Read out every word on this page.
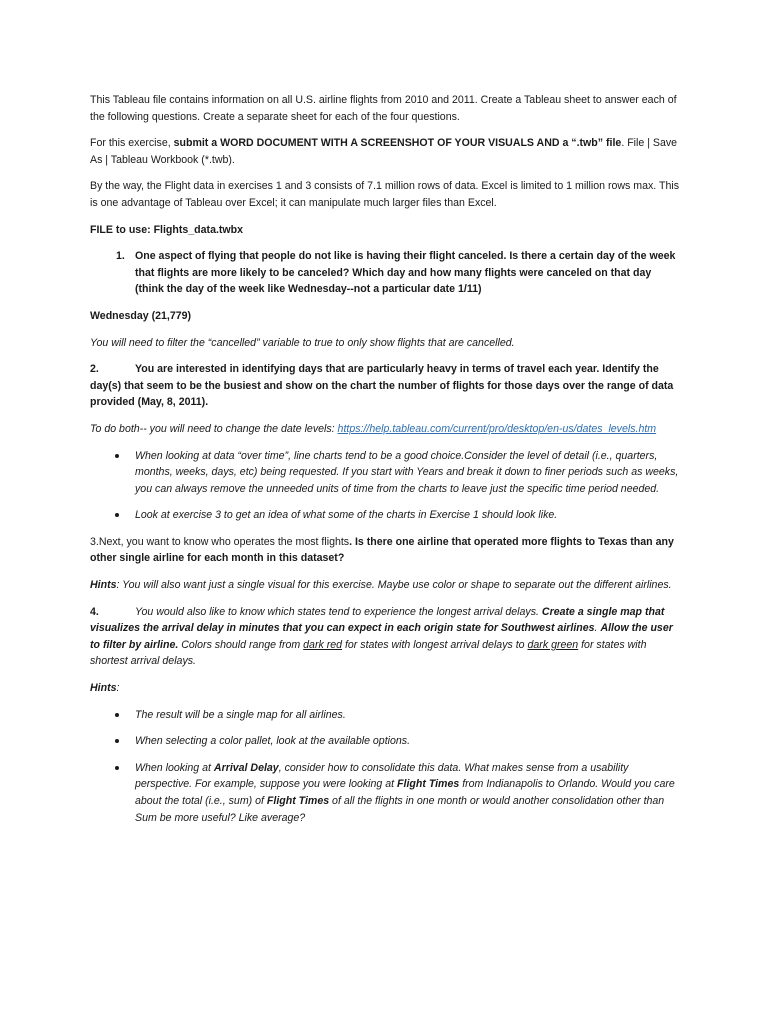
This Tableau file contains information on all U.S. airline flights from 2010 and 2011. Create a Tableau sheet to answer each of the following questions. Create a separate sheet for each of the four questions.

For this exercise, submit a WORD DOCUMENT WITH A SCREENSHOT OF YOUR VISUALS AND a “.twb” file. File | Save As | Tableau Workbook (*.twb).

By the way, the Flight data in exercises 1 and 3 consists of 7.1 million rows of data. Excel is limited to 1 million rows max. This is one advantage of Tableau over Excel; it can manipulate much larger files than Excel.

FILE to use: Flights_data.twbx

1. One aspect of flying that people do not like is having their flight canceled. Is there a certain day of the week that flights are more likely to be canceled? Which day and how many flights were canceled on that day (think the day of the week like Wednesday--not a particular date 1/11)

Wednesday (21,779)

You will need to filter the “cancelled” variable to true to only show flights that are cancelled.

2.	You are interested in identifying days that are particularly heavy in terms of travel each year. Identify the day(s) that seem to be the busiest and show on the chart the number of flights for those days over the range of data provided (May, 8, 2011).

To do both-- you will need to change the date levels: https://help.tableau.com/current/pro/desktop/en-us/dates_levels.htm

When looking at data “over time”, line charts tend to be a good choice.Consider the level of detail (i.e., quarters, months, weeks, days, etc) being requested. If you start with Years and break it down to finer periods such as weeks, you can always remove the unneeded units of time from the charts to leave just the specific time period needed.
Look at exercise 3 to get an idea of what some of the charts in Exercise 1 should look like.

3.Next, you want to know who operates the most flights. Is there one airline that operated more flights to Texas than any other single airline for each month in this dataset?

Hints: You will also want just a single visual for this exercise. Maybe use color or shape to separate out the different airlines.

4.	You would also like to know which states tend to experience the longest arrival delays. Create a single map that visualizes the arrival delay in minutes that you can expect in each origin state for Southwest airlines. Allow the user to filter by airline. Colors should range from dark red for states with longest arrival delays to dark green for states with shortest arrival delays.

Hints:

The result will be a single map for all airlines.
When selecting a color pallet, look at the available options.
When looking at Arrival Delay, consider how to consolidate this data. What makes sense from a usability perspective. For example, suppose you were looking at Flight Times from Indianapolis to Orlando. Would you care about the total (i.e., sum) of Flight Times of all the flights in one month or would another consolidation other than Sum be more useful? Like average?
